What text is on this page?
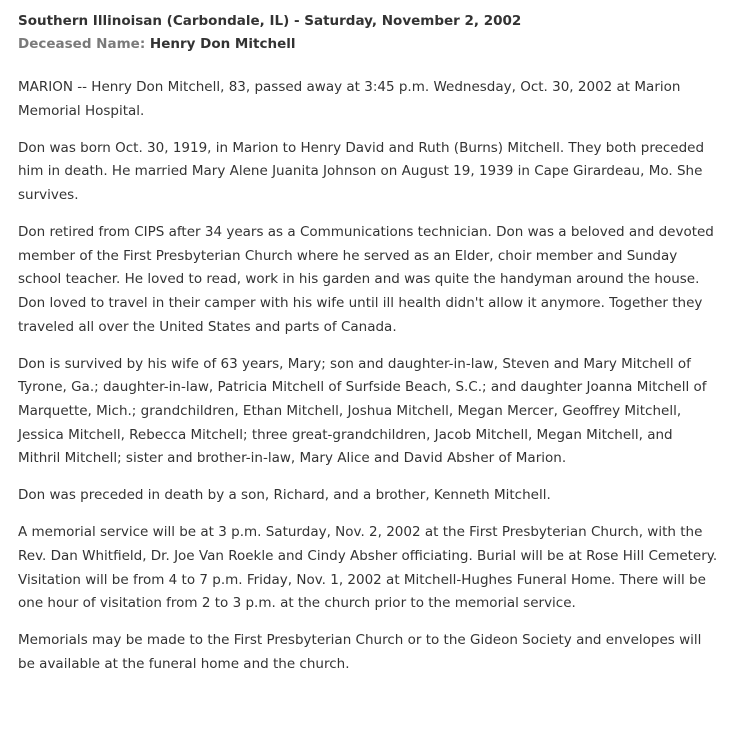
Southern Illinoisan (Carbondale, IL) - Saturday, November 2, 2002
Deceased Name: Henry Don Mitchell

MARION -- Henry Don Mitchell, 83, passed away at 3:45 p.m. Wednesday, Oct. 30, 2002 at Marion Memorial Hospital.

Don was born Oct. 30, 1919, in Marion to Henry David and Ruth (Burns) Mitchell. They both preceded him in death. He married Mary Alene Juanita Johnson on August 19, 1939 in Cape Girardeau, Mo. She survives.

Don retired from CIPS after 34 years as a Communications technician. Don was a beloved and devoted member of the First Presbyterian Church where he served as an Elder, choir member and Sunday school teacher. He loved to read, work in his garden and was quite the handyman around the house. Don loved to travel in their camper with his wife until ill health didn't allow it anymore. Together they traveled all over the United States and parts of Canada.

Don is survived by his wife of 63 years, Mary; son and daughter-in-law, Steven and Mary Mitchell of Tyrone, Ga.; daughter-in-law, Patricia Mitchell of Surfside Beach, S.C.; and daughter Joanna Mitchell of Marquette, Mich.; grandchildren, Ethan Mitchell, Joshua Mitchell, Megan Mercer, Geoffrey Mitchell, Jessica Mitchell, Rebecca Mitchell; three great-grandchildren, Jacob Mitchell, Megan Mitchell, and Mithril Mitchell; sister and brother-in-law, Mary Alice and David Absher of Marion.

Don was preceded in death by a son, Richard, and a brother, Kenneth Mitchell.

A memorial service will be at 3 p.m. Saturday, Nov. 2, 2002 at the First Presbyterian Church, with the Rev. Dan Whitfield, Dr. Joe Van Roekle and Cindy Absher officiating. Burial will be at Rose Hill Cemetery. Visitation will be from 4 to 7 p.m. Friday, Nov. 1, 2002 at Mitchell-Hughes Funeral Home. There will be one hour of visitation from 2 to 3 p.m. at the church prior to the memorial service.

Memorials may be made to the First Presbyterian Church or to the Gideon Society and envelopes will be available at the funeral home and the church.
